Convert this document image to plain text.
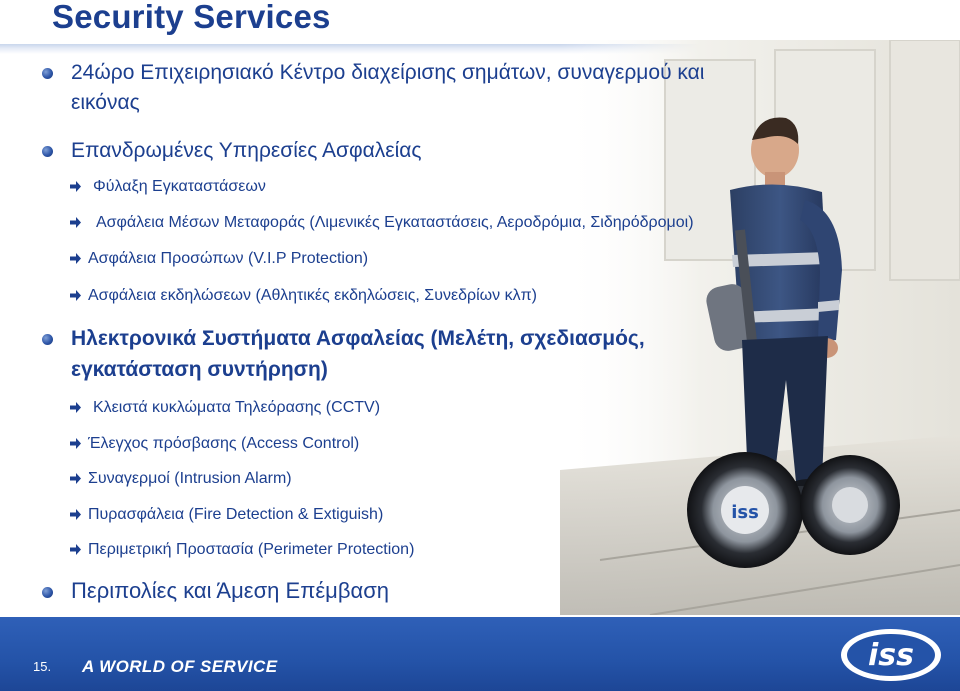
Security Services
iss
24ώρο Επιχειρησιακό Κέντρο διαχείρισης σημάτων, συναγερμού και εικόνας
Επανδρωμένες Υπηρεσίες Ασφαλείας
Φύλαξη Εγκαταστάσεων
Ασφάλεια Μέσων Μεταφοράς (Λιμενικές Εγκαταστάσεις, Αεροδρόμια, Σιδηρόδρομοι)
Ασφάλεια Προσώπων (V.I.P Protection)
Ασφάλεια εκδηλώσεων (Αθλητικές εκδηλώσεις, Συνεδρίων κλπ)
Ηλεκτρονικά Συστήματα Ασφαλείας (Μελέτη, σχεδιασμός, εγκατάσταση συντήρηση)
Κλειστά κυκλώματα Τηλεόρασης (CCTV)
Έλεγχος πρόσβασης (Access Control)
Συναγερμοί (Intrusion Alarm)
Πυρασφάλεια (Fire Detection & Extiguish)
Περιμετρική Προστασία (Perimeter Protection)
Περιπολίες και Άμεση Επέμβαση
15. A WORLD OF SERVICE	iss
